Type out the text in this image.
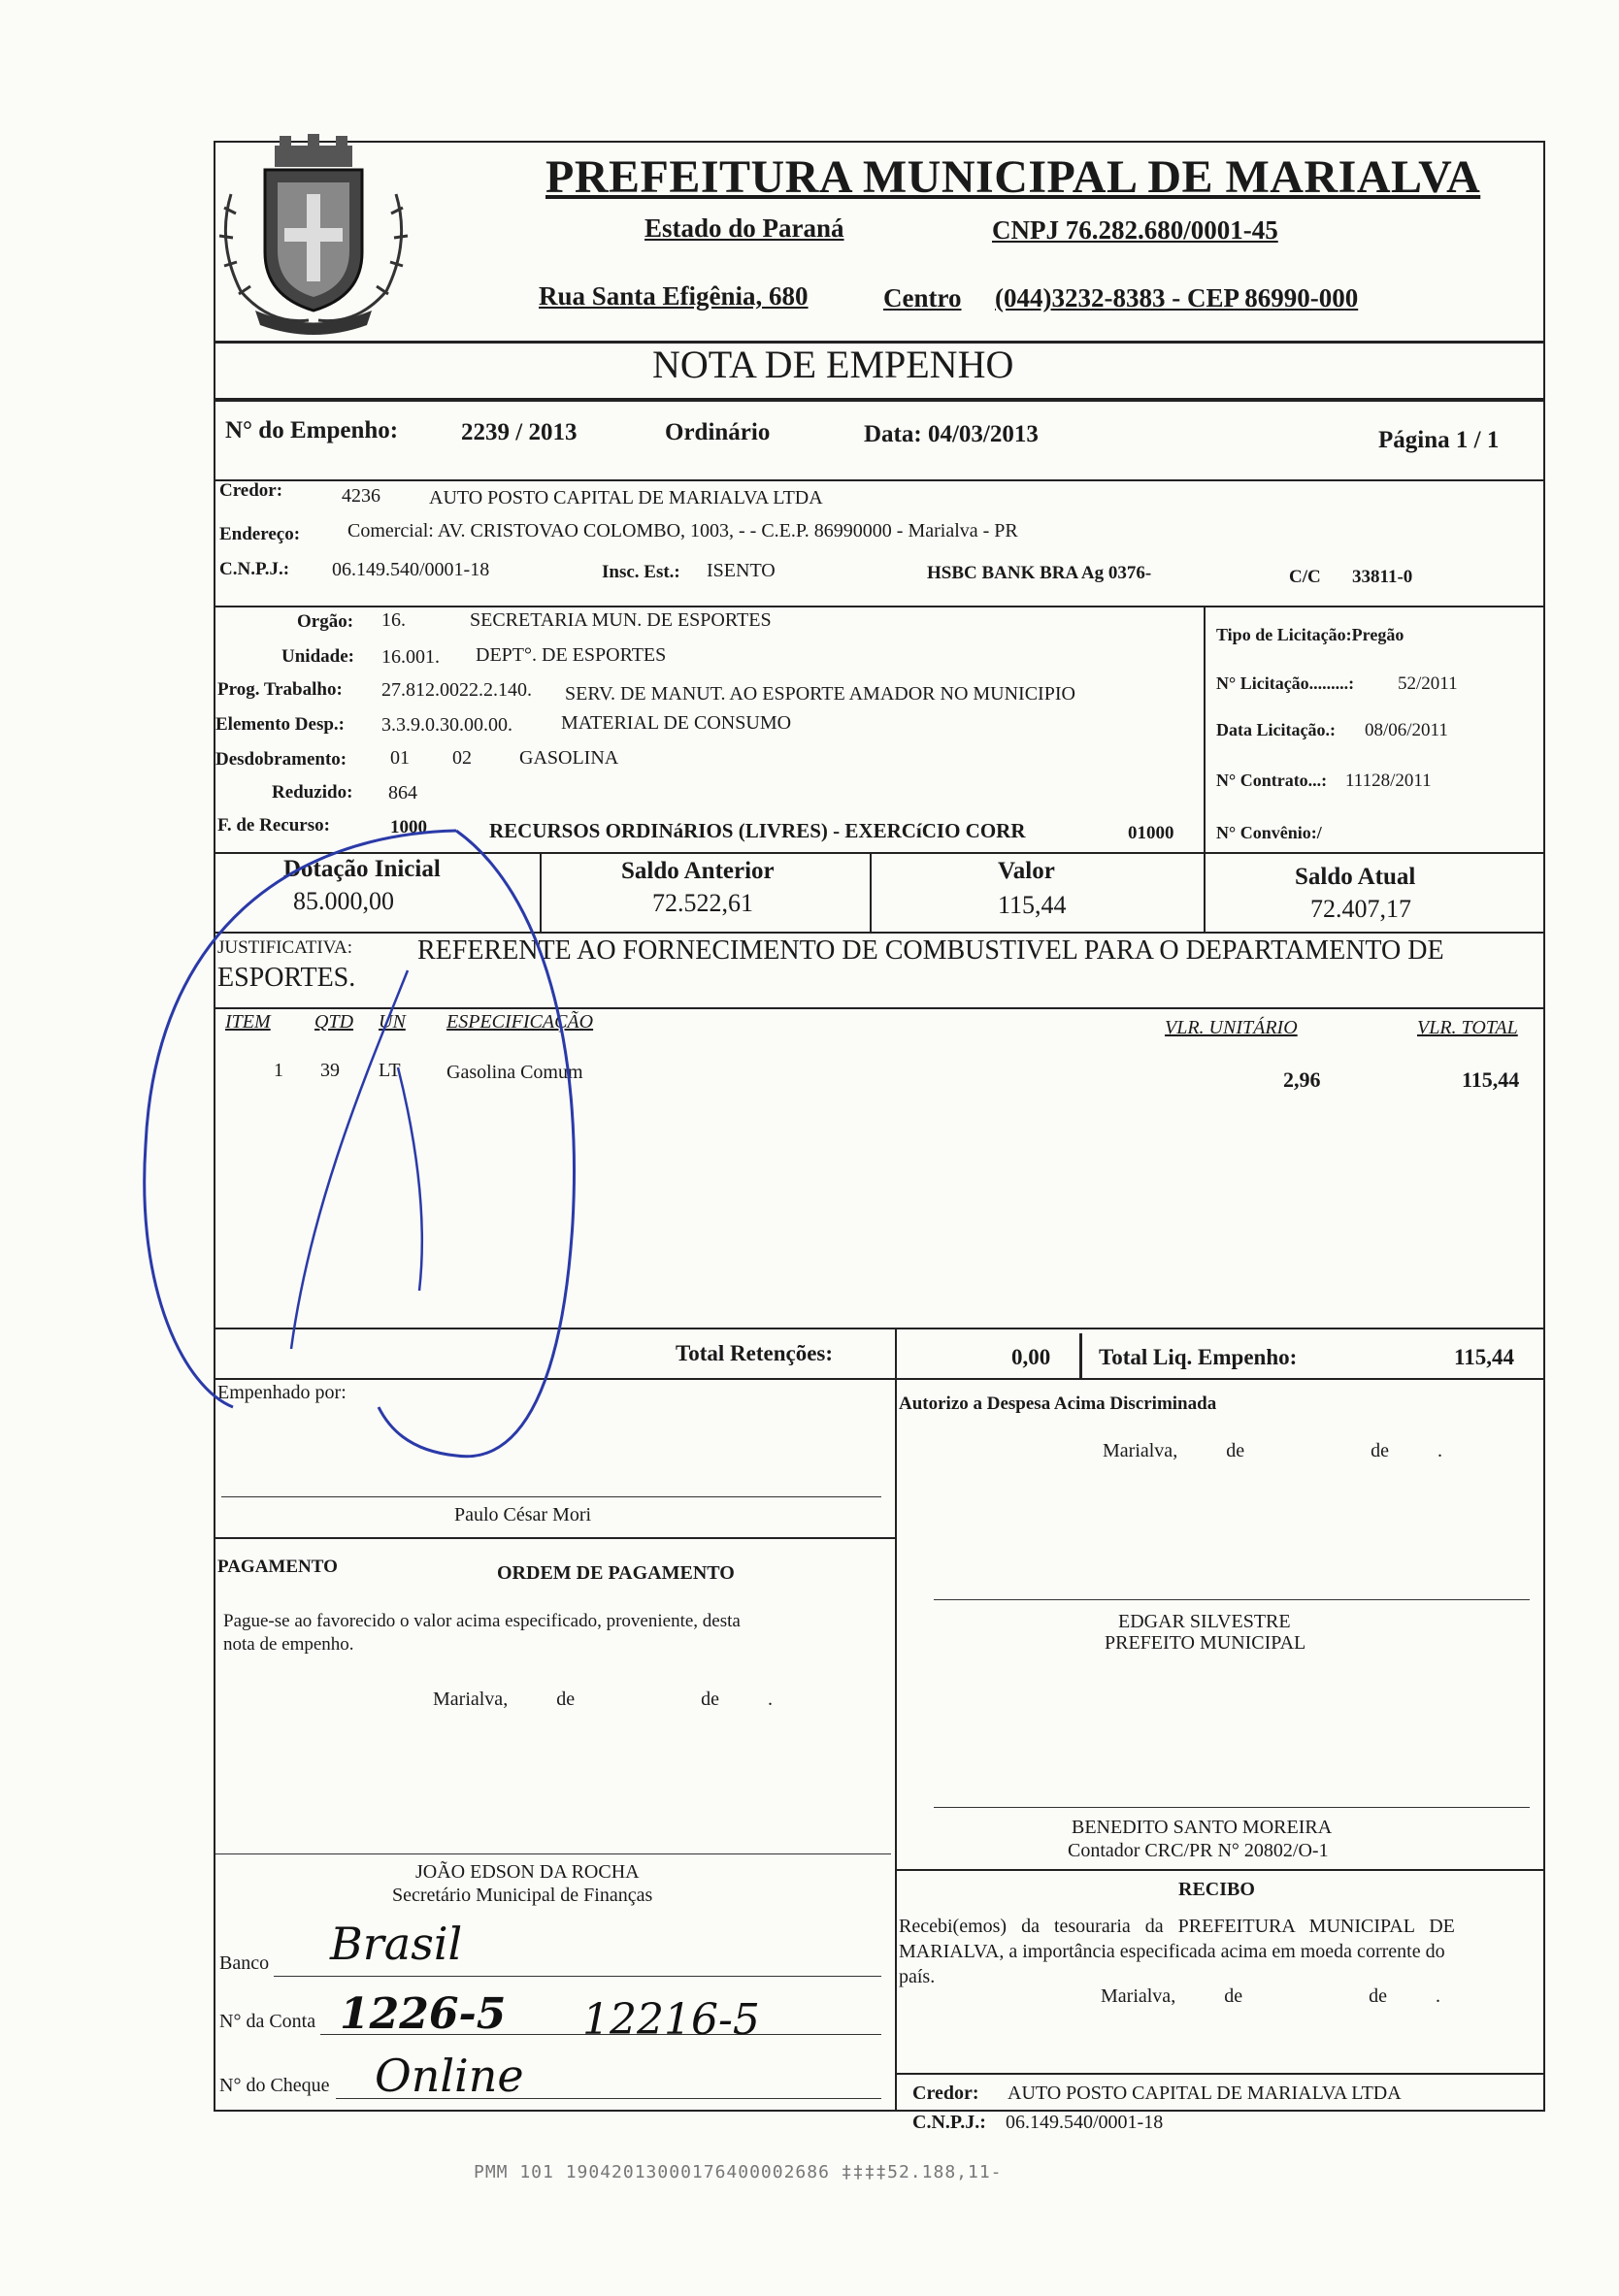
PREFEITURA MUNICIPAL DE MARIALVA
Estado do Paraná	CNPJ 76.282.680/0001-45
Rua Santa Efigênia, 680	Centro (044)3232-8383 - CEP 86990-000
NOTA DE EMPENHO
N° do Empenho:	2239 / 2013	Ordinário	Data: 04/03/2013	Página 1 / 1
Credor:	4236	AUTO POSTO CAPITAL DE MARIALVA LTDA
Endereço: Comercial: AV. CRISTOVAO COLOMBO, 1003, - - C.E.P. 86990000 - Marialva - PR
C.N.P.J.: 06.149.540/0001-18	Insc. Est.: ISENTO	HSBC BANK BRA Ag 0376-	C/C 33811-0
Orgão: 16.	SECRETARIA MUN. DE ESPORTES
Unidade: 16.001. DEPT°. DE ESPORTES
Prog. Trabalho: 27.812.0022.2.140. SERV. DE MANUT. AO ESPORTE AMADOR NO MUNICIPIO
Elemento Desp.: 3.3.9.0.30.00.00.	MATERIAL DE CONSUMO
Desdobramento: 01 02 GASOLINA
Reduzido: 864
F. de Recurso:	1000	RECURSOS ORDINáRIOS (LIVRES) - EXERCíCIO CORR	01000
Tipo de Licitação:Pregão
N° Licitação.........: 52/2011
Data Licitação.: 08/06/2011
N° Contrato...: 11128/2011
N° Convênio:/
Dotação Inicial
85.000,00
Saldo Anterior
72.522,61
Valor
115,44
Saldo Atual
72.407,17
JUSTIFICATIVA: REFERENTE AO FORNECIMENTO DE COMBUSTIVEL PARA O DEPARTAMENTO DE
ESPORTES.
ITEM QTD UN ESPECIFICAÇÃO	VLR. UNITÁRIO	VLR. TOTAL
1 39 LT Gasolina Comum	2,96	115,44
Total Retenções:	0,00 Total Liq. Empenho:	115,44
Empenhado por:
Paulo César Mori
Autorizo a Despesa Acima Discriminada
Marialva,          de                          de          .
PAGAMENTO	ORDEM DE PAGAMENTO
Pague-se ao favorecido o valor acima especificado, proveniente, desta
nota de empenho.
Marialva,          de                          de          .
EDGAR SILVESTRE
PREFEITO MUNICIPAL
BENEDITO SANTO MOREIRA
Contador CRC/PR N° 20802/O-1
JOÃO EDSON DA ROCHA
Secretário Municipal de Finanças	RECIBO
Recebi(emos)   da   tesouraria   da   PREFEITURA   MUNICIPAL   DE
MARIALVA, a importância especificada acima em moeda corrente do
país.
Marialva,          de                          de          .
Banco Brasil
N° da Conta 1226-5 12216-5
N° do Cheque Online	Credor: AUTO POSTO CAPITAL DE MARIALVA LTDA
C.N.P.J.: 06.149.540/0001-18
PMM 101 19042013000176400002686 ‡‡‡‡52.188,11-
